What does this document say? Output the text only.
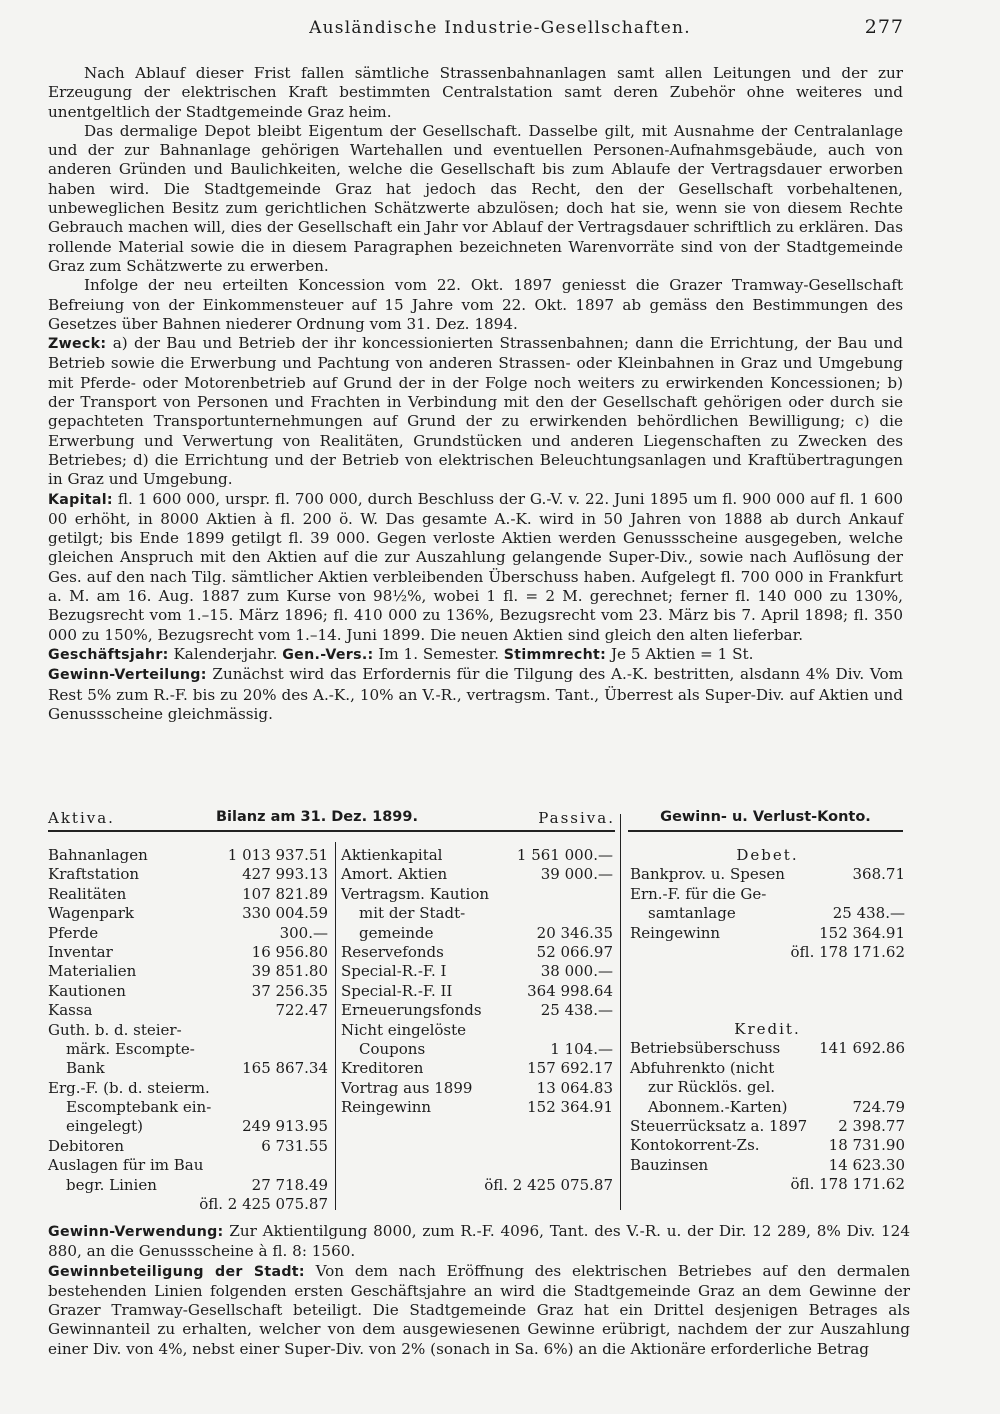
Ausländische Industrie-Gesellschaften.	277

Nach Ablauf dieser Frist fallen sämtliche Strassenbahnanlagen samt allen Leitungen und der zur Erzeugung der elektrischen Kraft bestimmten Centralstation samt deren Zubehör ohne weiteres und unentgeltlich der Stadtgemeinde Graz heim.

Das dermalige Depot bleibt Eigentum der Gesellschaft. Dasselbe gilt, mit Ausnahme der Centralanlage und der zur Bahnanlage gehörigen Wartehallen und eventuellen Personen-Aufnahmsgebäude, auch von anderen Gründen und Baulichkeiten, welche die Gesellschaft bis zum Ablaufe der Vertragsdauer erworben haben wird. Die Stadtgemeinde Graz hat jedoch das Recht, den der Gesellschaft vorbehaltenen, unbeweglichen Besitz zum gerichtlichen Schätzwerte abzulösen; doch hat sie, wenn sie von diesem Rechte Gebrauch machen will, dies der Gesellschaft ein Jahr vor Ablauf der Vertragsdauer schriftlich zu erklären. Das rollende Material sowie die in diesem Paragraphen bezeichneten Warenvorräte sind von der Stadtgemeinde Graz zum Schätzwerte zu erwerben.

Infolge der neu erteilten Koncession vom 22. Okt. 1897 geniesst die Grazer Tramway-Gesellschaft Befreiung von der Einkommensteuer auf 15 Jahre vom 22. Okt. 1897 ab gemäss den Bestimmungen des Gesetzes über Bahnen niederer Ordnung vom 31. Dez. 1894.

Zweck: a) der Bau und Betrieb der ihr koncessionierten Strassenbahnen; dann die Errichtung, der Bau und Betrieb sowie die Erwerbung und Pachtung von anderen Strassen- oder Kleinbahnen in Graz und Umgebung mit Pferde- oder Motorenbetrieb auf Grund der in der Folge noch weiters zu erwirkenden Koncessionen; b) der Transport von Personen und Frachten in Verbindung mit den der Gesellschaft gehörigen oder durch sie gepachteten Transportunternehmungen auf Grund der zu erwirkenden behördlichen Bewilligung; c) die Erwerbung und Verwertung von Realitäten, Grundstücken und anderen Liegenschaften zu Zwecken des Betriebes; d) die Errichtung und der Betrieb von elektrischen Beleuchtungsanlagen und Kraftübertragungen in Graz und Umgebung.

Kapital: fl. 1 600 000, urspr. fl. 700 000, durch Beschluss der G.-V. v. 22. Juni 1895 um fl. 900 000 auf fl. 1 600 00 erhöht, in 8000 Aktien à fl. 200 ö. W. Das gesamte A.-K. wird in 50 Jahren von 1888 ab durch Ankauf getilgt; bis Ende 1899 getilgt fl. 39 000. Gegen verloste Aktien werden Genussscheine ausgegeben, welche gleichen Anspruch mit den Aktien auf die zur Auszahlung gelangende Super-Div., sowie nach Auflösung der Ges. auf den nach Tilg. sämtlicher Aktien verbleibenden Überschuss haben. Aufgelegt fl. 700 000 in Frankfurt a. M. am 16. Aug. 1887 zum Kurse von 98½%, wobei 1 fl. = 2 M. gerechnet; ferner fl. 140 000 zu 130%, Bezugsrecht vom 1.–15. März 1896; fl. 410 000 zu 136%, Bezugsrecht vom 23. März bis 7. April 1898; fl. 350 000 zu 150%, Bezugsrecht vom 1.–14. Juni 1899. Die neuen Aktien sind gleich den alten lieferbar.

Geschäftsjahr: Kalenderjahr. Gen.-Vers.: Im 1. Semester. Stimmrecht: Je 5 Aktien = 1 St.

Gewinn-Verteilung: Zunächst wird das Erfordernis für die Tilgung des A.-K. bestritten, alsdann 4% Div. Vom Rest 5% zum R.-F. bis zu 20% des A.-K., 10% an V.-R., vertragsm. Tant., Überrest als Super-Div. auf Aktien und Genussscheine gleichmässig.

Aktiva.	Bilanz am 31. Dez. 1899.	Passiva.	Gewinn- u. Verlust-Konto.
Bahnanlagen	1 013 937.51
Kraftstation	427 993.13
Realitäten	107 821.89
Wagenpark	330 004.59
Pferde	300.—
Inventar	16 956.80
Materialien	39 851.80
Kautionen	37 256.35
Kassa	722.47
Guth. b. d. steier-
märk. Escompte-
Bank	165 867.34
Erg.-F. (b. d. steierm.
Escomptebank ein-
eingelegt)	249 913.95
Debitoren	6 731.55
Auslagen für im Bau
begr. Linien	27 718.49
öfl. 2 425 075.87
Aktienkapital	1 561 000.—
Amort. Aktien	39 000.—
Vertragsm. Kaution
mit der Stadt-
gemeinde	20 346.35
Reservefonds	52 066.97
Special-R.-F. I	38 000.—
Special-R.-F. II	364 998.64
Erneuerungsfonds	25 438.—
Nicht eingelöste
Coupons	1 104.—
Kreditoren	157 692.17
Vortrag aus 1899	13 064.83
Reingewinn	152 364.91
öfl. 2 425 075.87
Debet.
Bankprov. u. Spesen	368.71
Ern.-F. für die Ge-
samtanlage	25 438.—
Reingewinn	152 364.91
öfl. 178 171.62
Kredit.
Betriebsüberschuss	141 692.86
Abfuhrenkto (nicht
zur Rücklös. gel.
Abonnem.-Karten)	724.79
Steuerrücksatz a. 1897 2 398.77
Kontokorrent-Zs.	18 731.90
Bauzinsen	14 623.30
öfl. 178 171.62

Gewinn-Verwendung: Zur Aktientilgung 8000, zum R.-F. 4096, Tant. des V.-R. u. der Dir. 12 289, 8% Div. 124 880, an die Genussscheine à fl. 8: 1560.

Gewinnbeteiligung der Stadt: Von dem nach Eröffnung des elektrischen Betriebes auf den dermalen bestehenden Linien folgenden ersten Geschäftsjahre an wird die Stadtgemeinde Graz an dem Gewinne der Grazer Tramway-Gesellschaft beteiligt. Die Stadtgemeinde Graz hat ein Drittel desjenigen Betrages als Gewinnanteil zu erhalten, welcher von dem ausgewiesenen Gewinne erübrigt, nachdem der zur Auszahlung einer Div. von 4%, nebst einer Super-Div. von 2% (sonach in Sa. 6%) an die Aktionäre erforderliche Betrag
